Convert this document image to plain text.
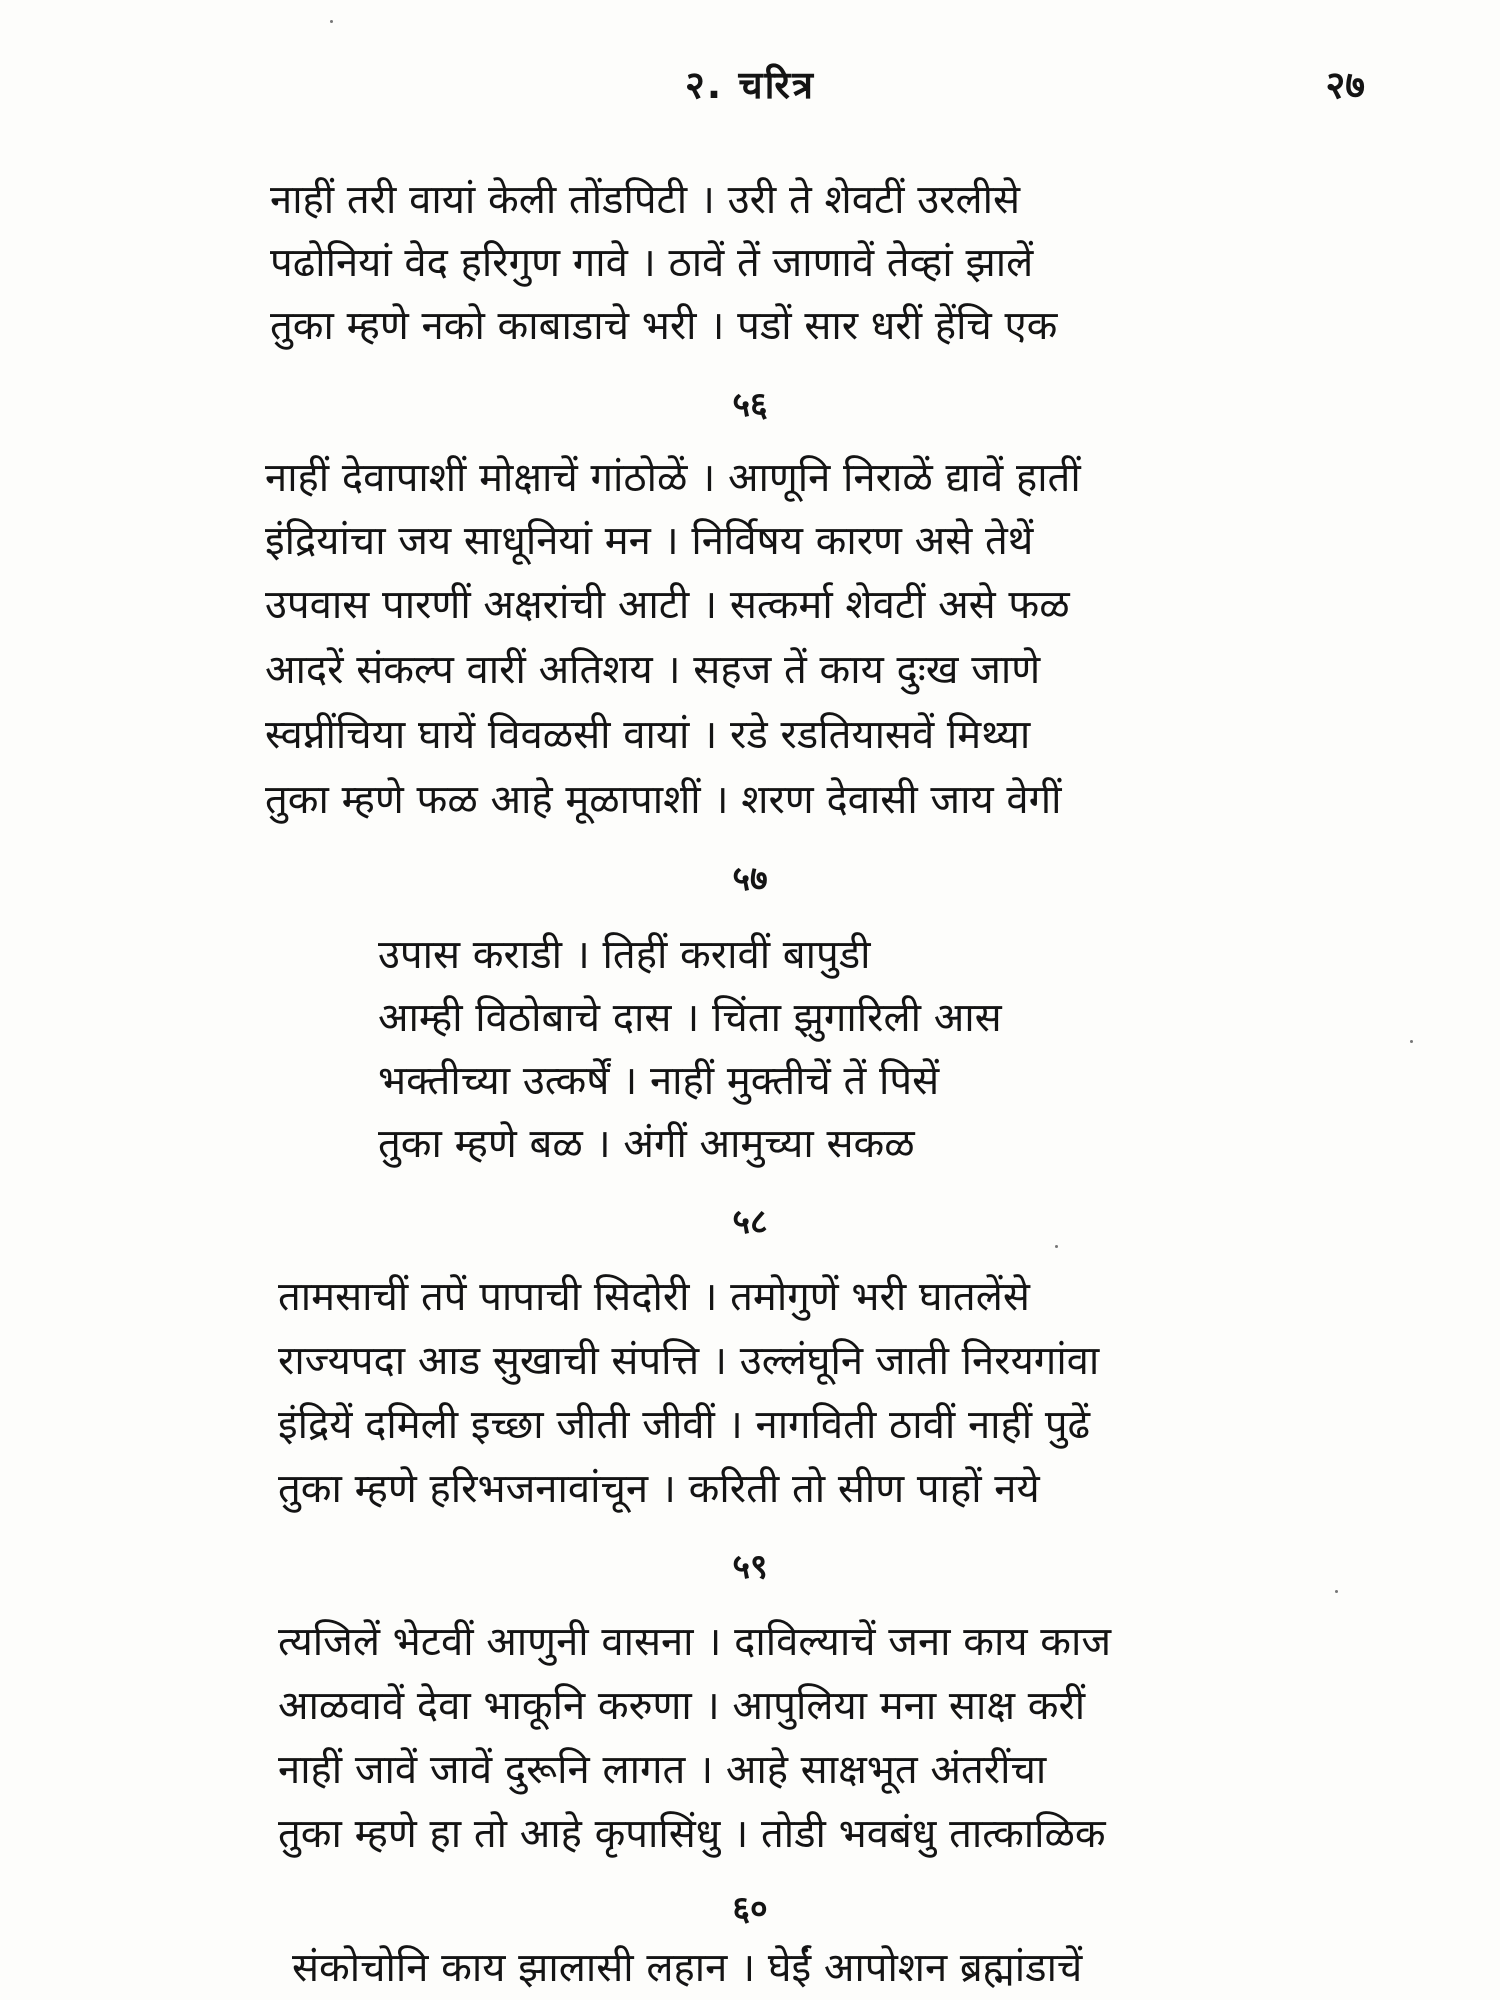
२. चरित्र	२७
नाहीं तरी वायां केली तोंडपिटी । उरी ते शेवटीं उरलीसे
पढोनियां वेद हरिगुण गावे । ठावें तें जाणावें तेव्हां झालें
तुका म्हणे नको काबाडाचे भरी । पडों सार धरीं हेंचि एक
५६
नाहीं देवापाशीं मोक्षाचें गांठोळें । आणूनि निराळें द्यावें हातीं
इंद्रियांचा जय साधूनियां मन । निर्विषय कारण असे तेथें
उपवास पारणीं अक्षरांची आटी । सत्कर्मा शेवटीं असे फळ
आदरें संकल्प वारीं अतिशय । सहज तें काय दुःख जाणे
स्वप्नींचिया घायें विवळसी वायां । रडे रडतियासवें मिथ्या
तुका म्हणे फळ आहे मूळापाशीं । शरण देवासी जाय वेगीं
५७
उपास कराडी । तिहीं करावीं बापुडी
आम्ही विठोबाचे दास । चिंता झुगारिली आस
भक्तीच्या उत्कर्षें । नाहीं मुक्तीचें तें पिसें
तुका म्हणे बळ । अंगीं आमुच्या सकळ
५८
तामसाचीं तपें पापाची सिदोरी । तमोगुणें भरी घातलेंसे
राज्यपदा आड सुखाची संपत्ति । उल्लंघूनि जाती निरयगांवा
इंद्रियें दमिली इच्छा जीती जीवीं । नागविती ठावीं नाहीं पुढें
तुका म्हणे हरिभजनावांचून । करिती तो सीण पाहों नये
५९
त्यजिलें भेटवीं आणुनी वासना । दाविल्याचें जना काय काज
आळवावें देवा भाकूनि करुणा । आपुलिया मना साक्ष करीं
नाहीं जावें जावें दुरूनि लागत । आहे साक्षभूत अंतरींचा
तुका म्हणे हा तो आहे कृपासिंधु । तोडी भवबंधु तात्काळिक
६०
संकोचोनि काय झालासी लहान । घेईं आपोशन ब्रह्मांडाचें
